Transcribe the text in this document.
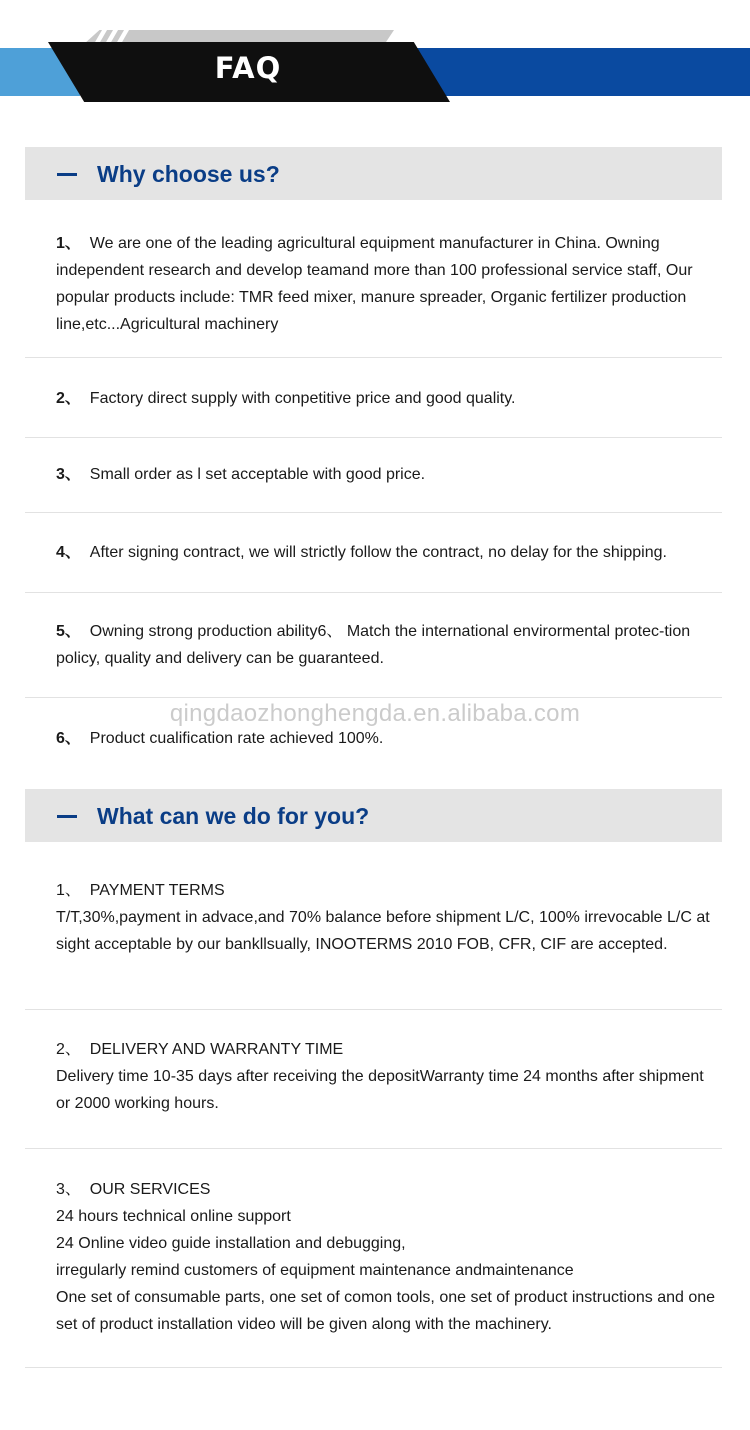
FAQ
Why choose us?
1、 We are one of the leading agricultural equipment manufacturer in China. Owning independent research and develop teamand more than 100 professional service staff, Our popular products include: TMR feed mixer, manure spreader, Organic fertilizer production line,etc...Agricultural machinery
2、 Factory direct supply with conpetitive price and good quality.
3、 Small order as l set acceptable with good price.
4、 After signing contract, we will strictly follow the contract, no delay for the shipping.
5、 Owning strong production ability6、 Match the international envirormental protec-tion policy, quality and delivery can be guaranteed.
qingdaozhonghengda.en.alibaba.com
6、 Product cualification rate achieved 100%.
What can we do for you?
1、 PAYMENT TERMS
T/T,30%,payment in advace,and 70% balance before shipment L/C, 100% irrevocable L/C at sight acceptable by our bankllsually, INOOTERMS 2010 FOB, CFR, CIF are accepted.
2、 DELIVERY AND WARRANTY TIME
Delivery time 10-35 days after receiving the depositWarranty time 24 months after shipment or 2000 working hours.
3、 OUR SERVICES
24 hours technical online support
24 Online video guide installation and debugging,
irregularly remind customers of equipment maintenance andmaintenance
One set of consumable parts, one set of comon tools, one set of product instructions and one set of product installation video will be given along with the machinery.
